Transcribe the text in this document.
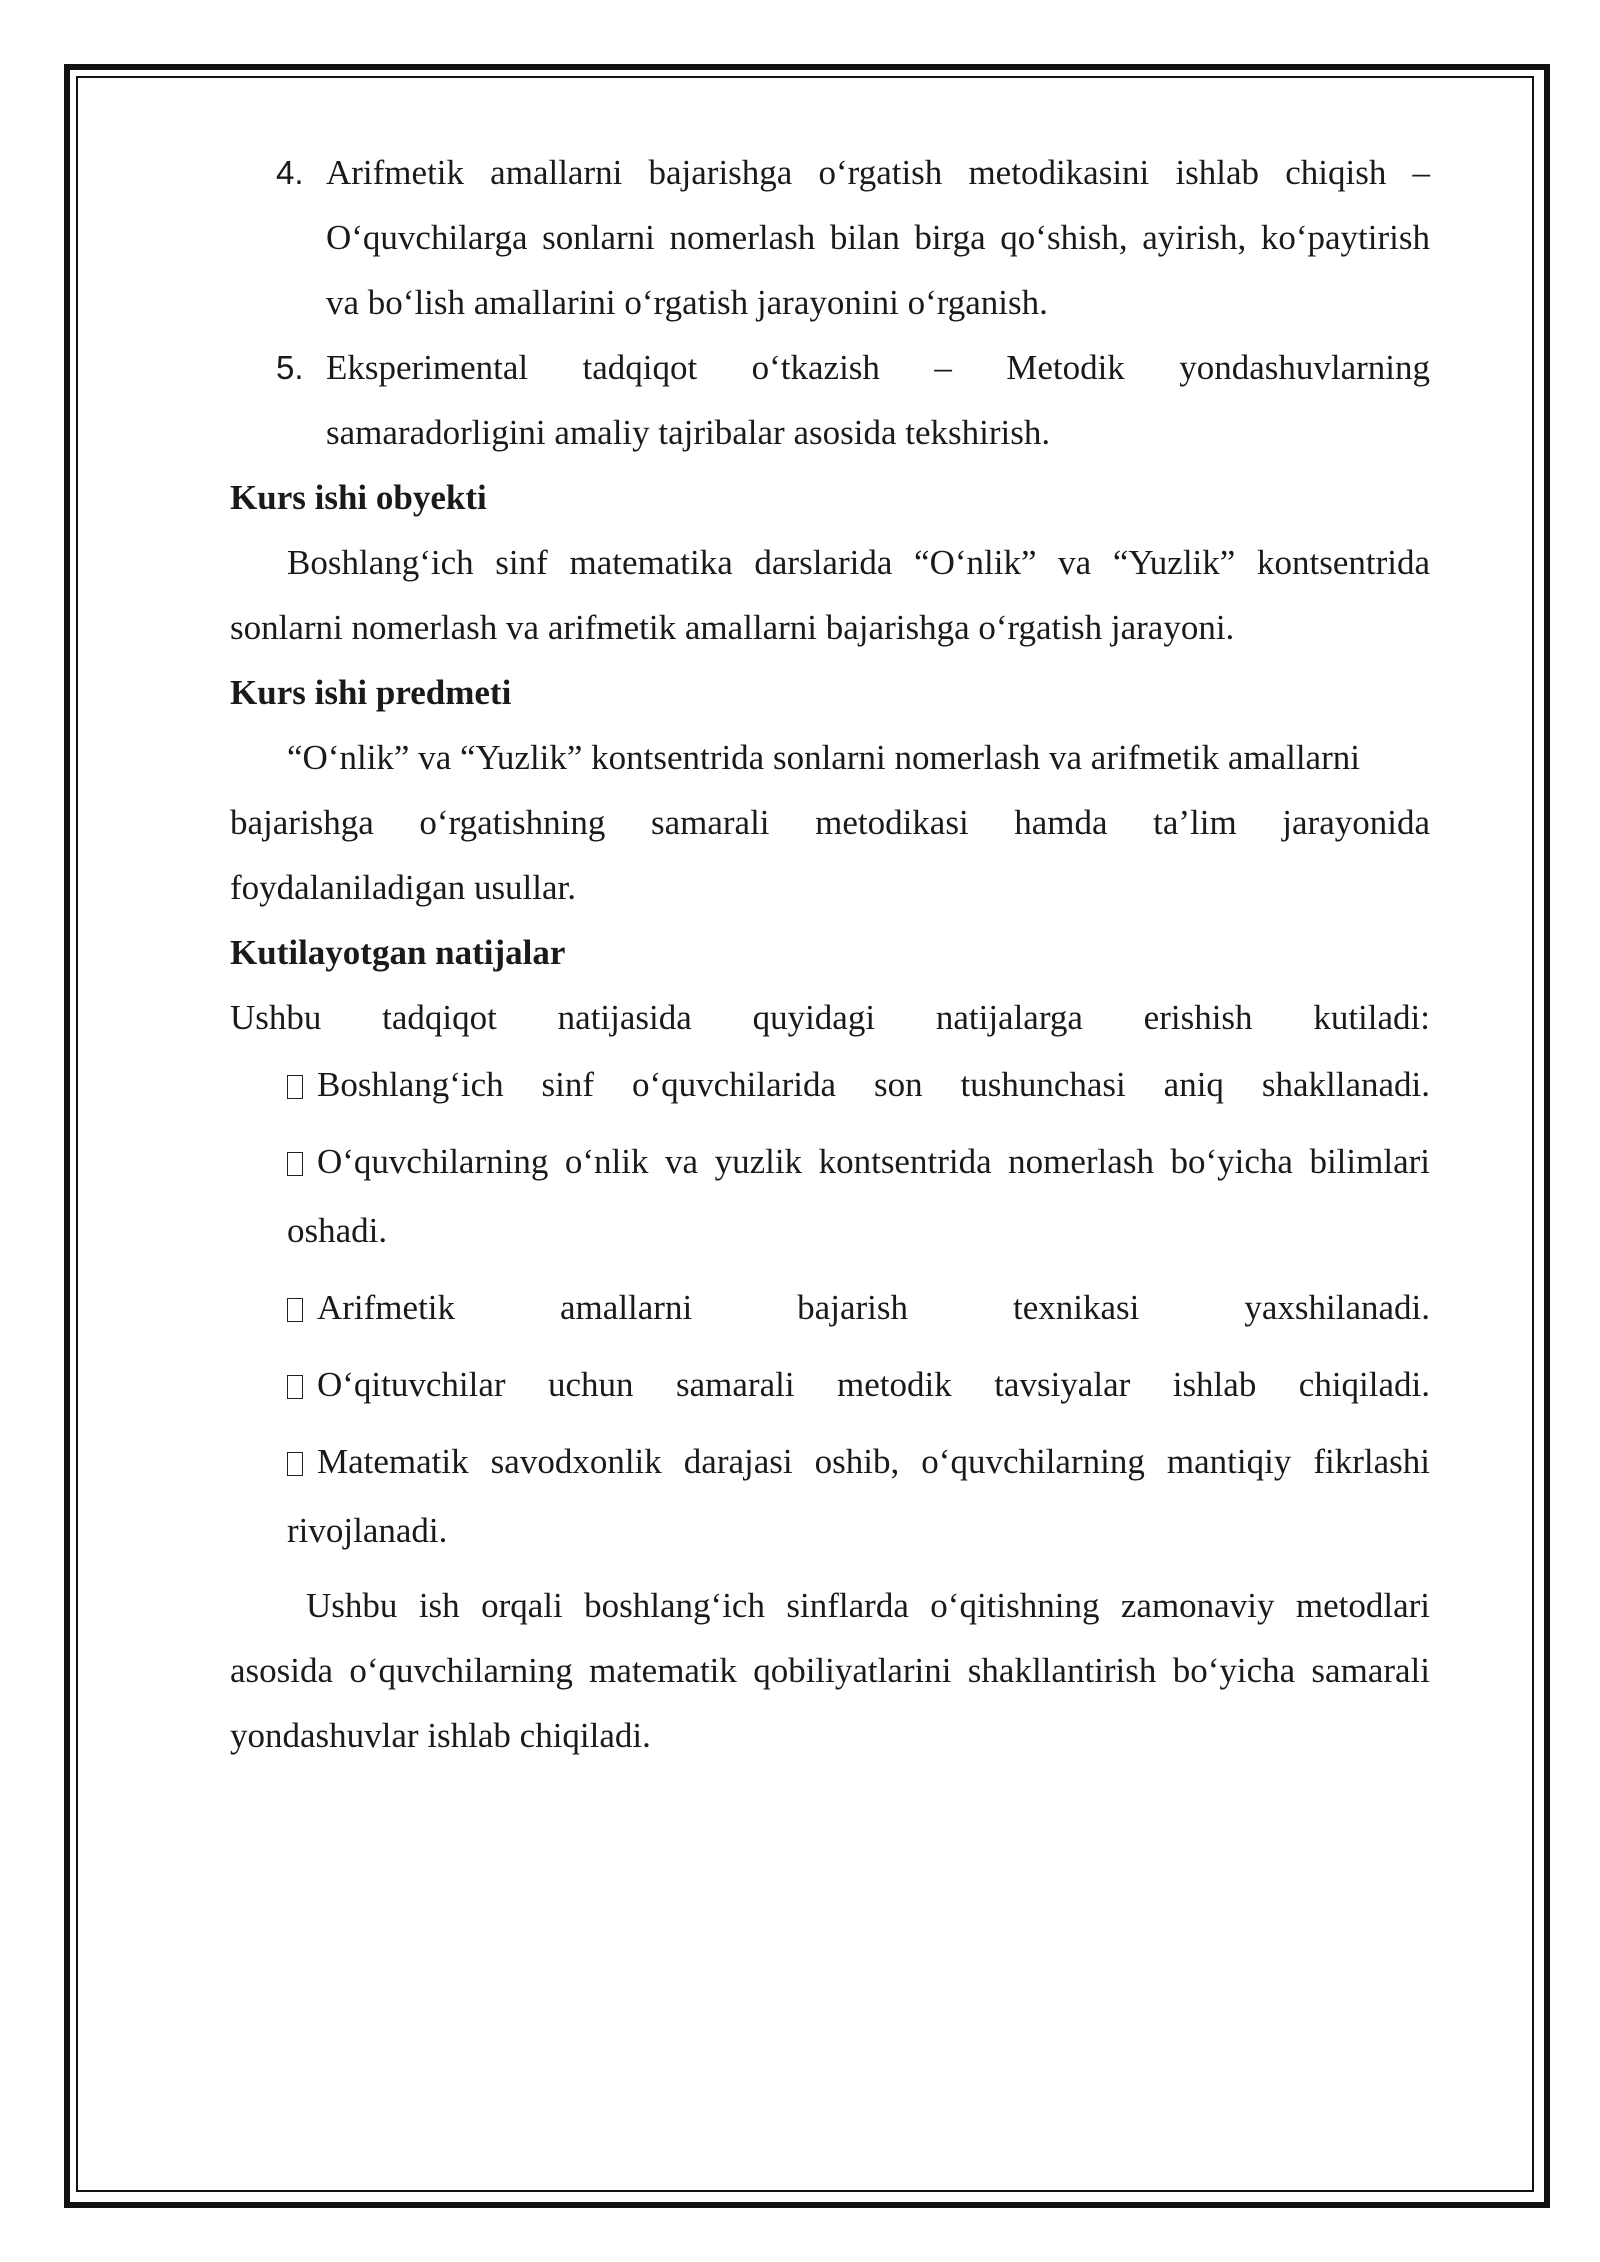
4. Arifmetik amallarni bajarishga o‘rgatish metodikasini ishlab chiqish – O‘quvchilarga sonlarni nomerlash bilan birga qo‘shish, ayirish, ko‘paytirish va bo‘lish amallarini o‘rgatish jarayonini o‘rganish.
5. Eksperimental tadqiqot o‘tkazish – Metodik yondashuvlarning samaradorligini amaliy tajribalar asosida tekshirish.
Kurs ishi obyekti
Boshlang‘ich sinf matematika darslarida “O‘nlik” va “Yuzlik” kontsentrida sonlarni nomerlash va arifmetik amallarni bajarishga o‘rgatish jarayoni.
Kurs ishi predmeti
“O‘nlik” va “Yuzlik” kontsentrida sonlarni nomerlash va arifmetik amallarni
bajarishga o‘rgatishning samarali metodikasi hamda ta’lim jarayonida foydalaniladigan usullar.
Kutilayotgan natijalar
Ushbu tadqiqot natijasida quyidagi natijalarga erishish kutiladi:
Boshlang‘ich sinf o‘quvchilarida son tushunchasi aniq shakllanadi.
O‘quvchilarning o‘nlik va yuzlik kontsentrida nomerlash bo‘yicha bilimlari oshadi.
Arifmetik amallarni bajarish texnikasi yaxshilanadi.
O‘qituvchilar uchun samarali metodik tavsiyalar ishlab chiqiladi.
Matematik savodxonlik darajasi oshib, o‘quvchilarning mantiqiy fikrlashi rivojlanadi.
Ushbu ish orqali boshlang‘ich sinflarda o‘qitishning zamonaviy metodlari asosida o‘quvchilarning matematik qobiliyatlarini shakllantirish bo‘yicha samarali yondashuvlar ishlab chiqiladi.
